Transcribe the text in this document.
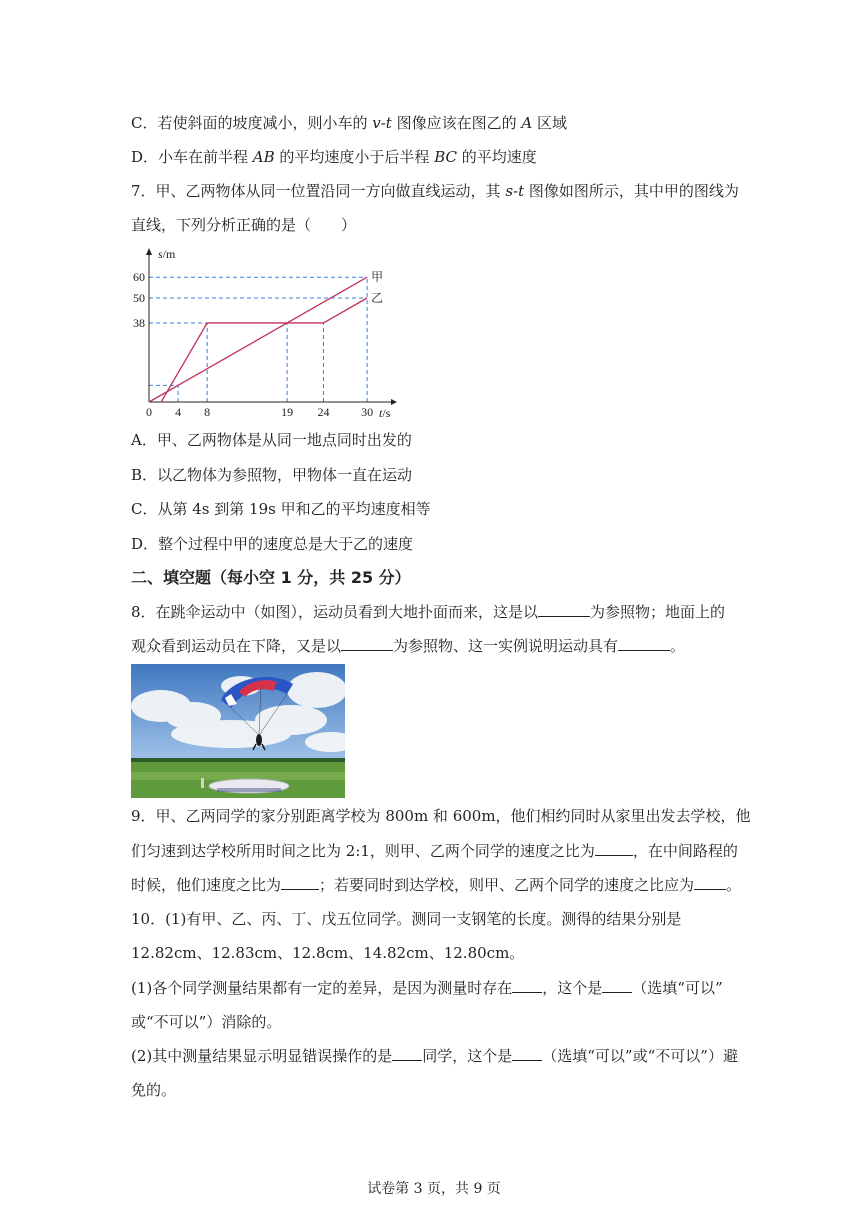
C．若使斜面的坡度减小，则小车的 v-t 图像应该在图乙的 A 区域
D．小车在前半程 AB 的平均速度小于后半程 BC 的平均速度
7．甲、乙两物体从同一位置沿同一方向做直线运动，其 s-t 图像如图所示，其中甲的图线为
直线，下列分析正确的是（　　）
甲
乙
0 4 8	19 24	30
38
50
60
s/m
t/s
A．甲、乙两物体是从同一地点同时出发的
B．以乙物体为参照物，甲物体一直在运动
C．从第 4s 到第 19s 甲和乙的平均速度相等
D．整个过程中甲的速度总是大于乙的速度
二、填空题（每小空 1 分，共 25 分）
8．在跳伞运动中（如图），运动员看到大地扑面而来，这是以	为参照物；地面上的
观众看到运动员在下降，又是以	为参照物、这一实例说明运动具有	。
9．甲、乙两同学的家分别距离学校为 800m 和 600m，他们相约同时从家里出发去学校，他
们匀速到达学校所用时间之比为 2:1，则甲、乙两个同学的速度之比为	，在中间路程的
时候，他们速度之比为	；若要同时到达学校，则甲、乙两个同学的速度之比应为 。
10．(1)有甲、乙、丙、丁、戊五位同学。测同一支钢笔的长度。测得的结果分别是
12.82cm、12.83cm、12.8cm、14.82cm、12.80cm。
(1)各个同学测量结果都有一定的差异，是因为测量时存在 ，这个是 （选填“可以”
或“不可以”）消除的。
(2)其中测量结果显示明显错误操作的是 同学，这个是 （选填“可以”或“不可以”）避
免的。
试卷第 3 页，共 9 页
